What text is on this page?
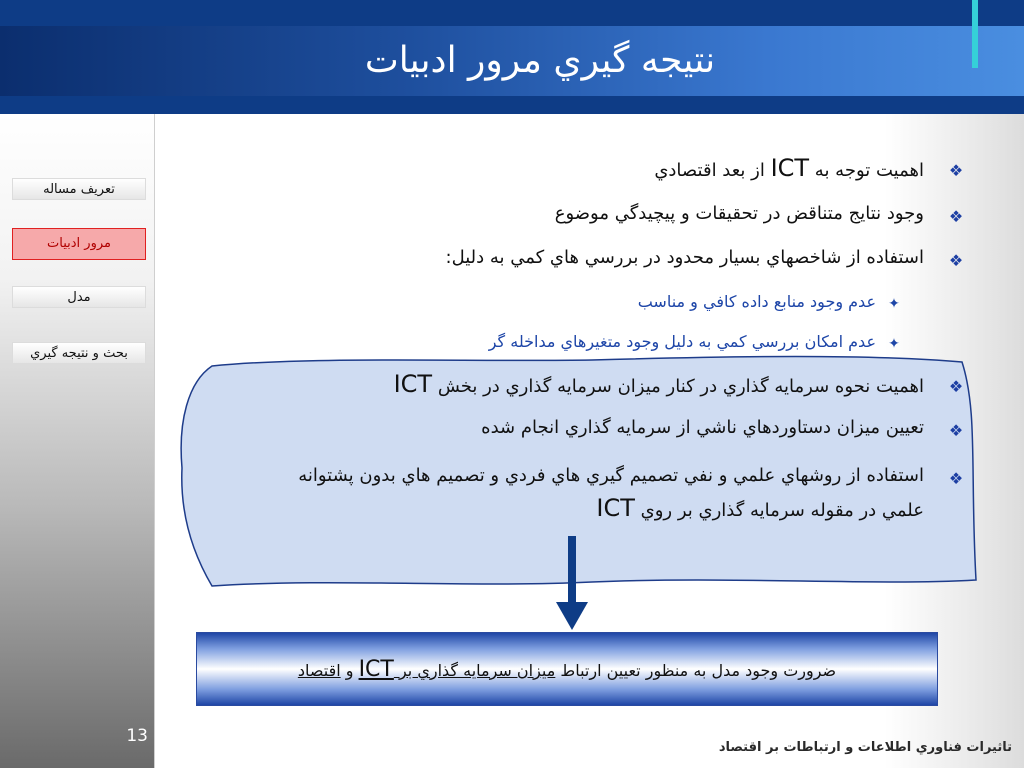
نتيجه گيري مرور ادبيات
تعريف مساله
مرور ادبيات
مدل
بحث و نتيجه گيري
13
❖
اهميت توجه به ICT از بعد اقتصادي
❖
وجود نتايج متناقض در تحقيقات و پيچيدگي موضوع
❖
استفاده از شاخصهاي بسيار محدود در بررسي هاي كمي به دليل:
✦
عدم وجود منابع داده كافي و مناسب
✦
عدم امكان بررسي كمي به دليل وجود متغيرهاي مداخله گر
❖
اهميت نحوه سرمايه گذاري در كنار ميزان سرمايه گذاري در بخش ICT
❖
تعيين ميزان دستاوردهاي ناشي از سرمايه گذاري انجام شده
❖
استفاده از روشهاي علمي و نفي تصميم گيري هاي فردي و تصميم هاي بدون پشتوانه
علمي در مقوله سرمايه گذاري بر روي ICT
ضرورت وجود مدل به منظور تعيين ارتباط ميزان سرمايه گذاري بر ICT و اقتصاد
تاثيرات فناوري اطلاعات و ارتباطات بر اقتصاد
